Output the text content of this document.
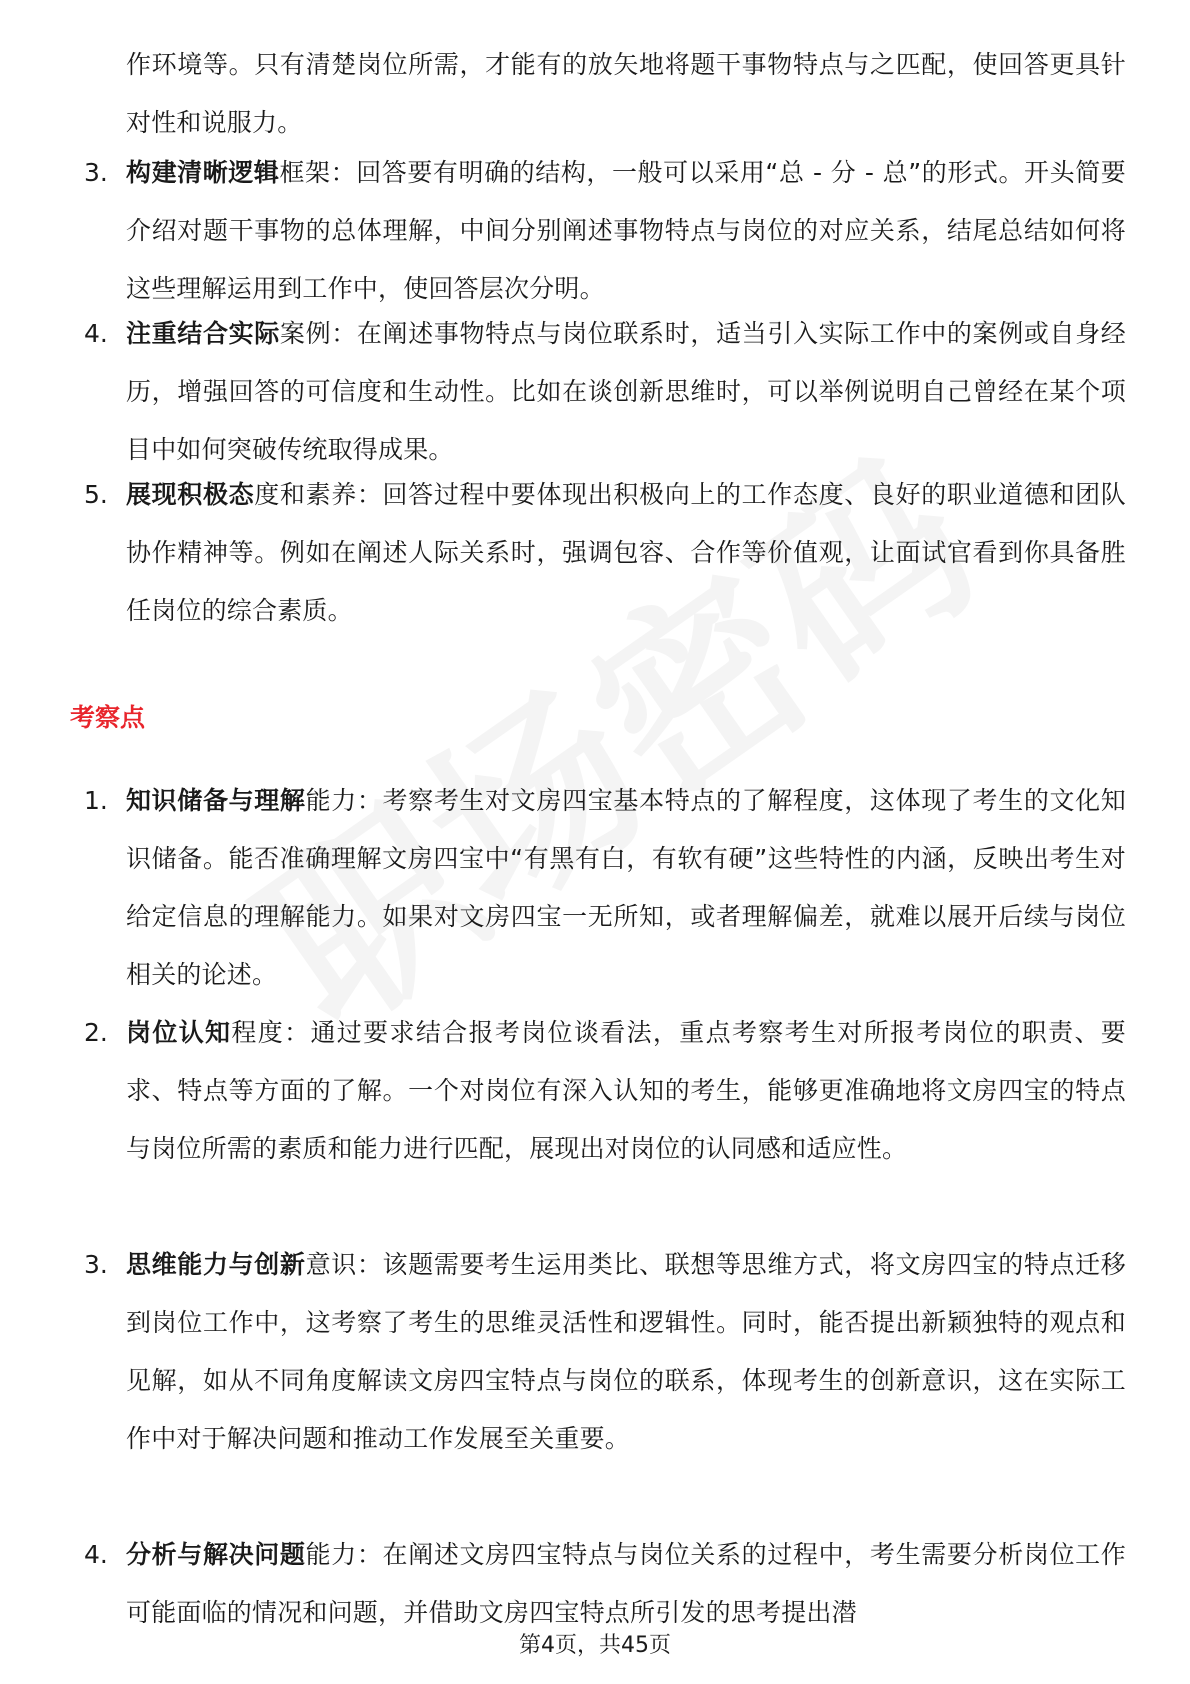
作环境等。只有清楚岗位所需，才能有的放矢地将题干事物特点与之匹配，使回答更具针对性和说服力。
3. 构建清晰逻辑框架：回答要有明确的结构，一般可以采用“总 - 分 - 总”的形式。开头简要介绍对题干事物的总体理解，中间分别阐述事物特点与岗位的对应关系，结尾总结如何将这些理解运用到工作中，使回答层次分明。
4. 注重结合实际案例：在阐述事物特点与岗位联系时，适当引入实际工作中的案例或自身经历，增强回答的可信度和生动性。比如在谈创新思维时，可以举例说明自己曾经在某个项目中如何突破传统取得成果。
5. 展现积极态度和素养：回答过程中要体现出积极向上的工作态度、良好的职业道德和团队协作精神等。例如在阐述人际关系时，强调包容、合作等价值观，让面试官看到你具备胜任岗位的综合素质。
考察点
1. 知识储备与理解能力：考察考生对文房四宝基本特点的了解程度，这体现了考生的文化知识储备。能否准确理解文房四宝中“有黑有白，有软有硬”这些特性的内涵，反映出考生对给定信息的理解能力。如果对文房四宝一无所知，或者理解偏差，就难以展开后续与岗位相关的论述。
2. 岗位认知程度：通过要求结合报考岗位谈看法，重点考察考生对所报考岗位的职责、要求、特点等方面的了解。一个对岗位有深入认知的考生，能够更准确地将文房四宝的特点与岗位所需的素质和能力进行匹配，展现出对岗位的认同感和适应性。
3. 思维能力与创新意识：该题需要考生运用类比、联想等思维方式，将文房四宝的特点迁移到岗位工作中，这考察了考生的思维灵活性和逻辑性。同时，能否提出新颖独特的观点和见解，如从不同角度解读文房四宝特点与岗位的联系，体现考生的创新意识，这在实际工作中对于解决问题和推动工作发展至关重要。
4. 分析与解决问题能力：在阐述文房四宝特点与岗位关系的过程中，考生需要分析岗位工作可能面临的情况和问题，并借助文房四宝特点所引发的思考提出潜
第4页，共45页
